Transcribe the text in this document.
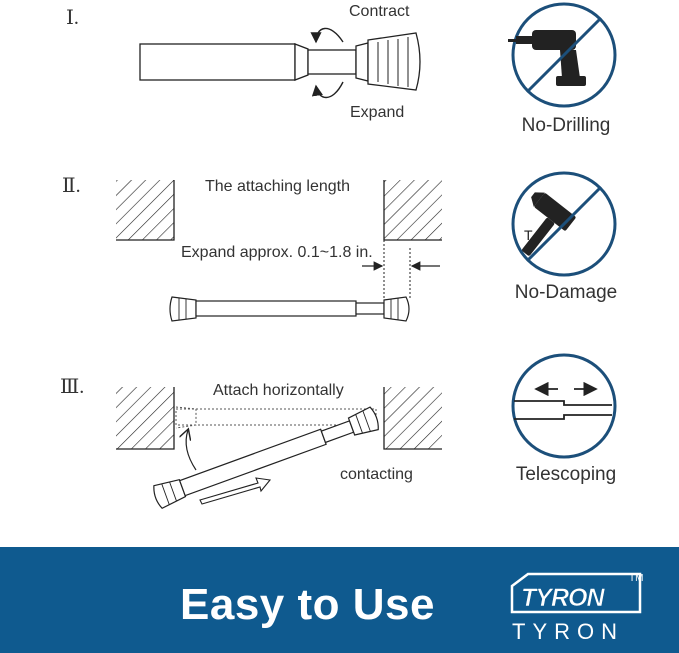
T
Ⅰ.
Ⅱ.
Ⅲ.
Contract
Expand
The attaching length
Expand approx. 0.1~1.8 in.
Attach horizontally
contacting
No-Drilling
No-Damage
Telescoping
Easy to Use	TYRON
TM
TYRON
